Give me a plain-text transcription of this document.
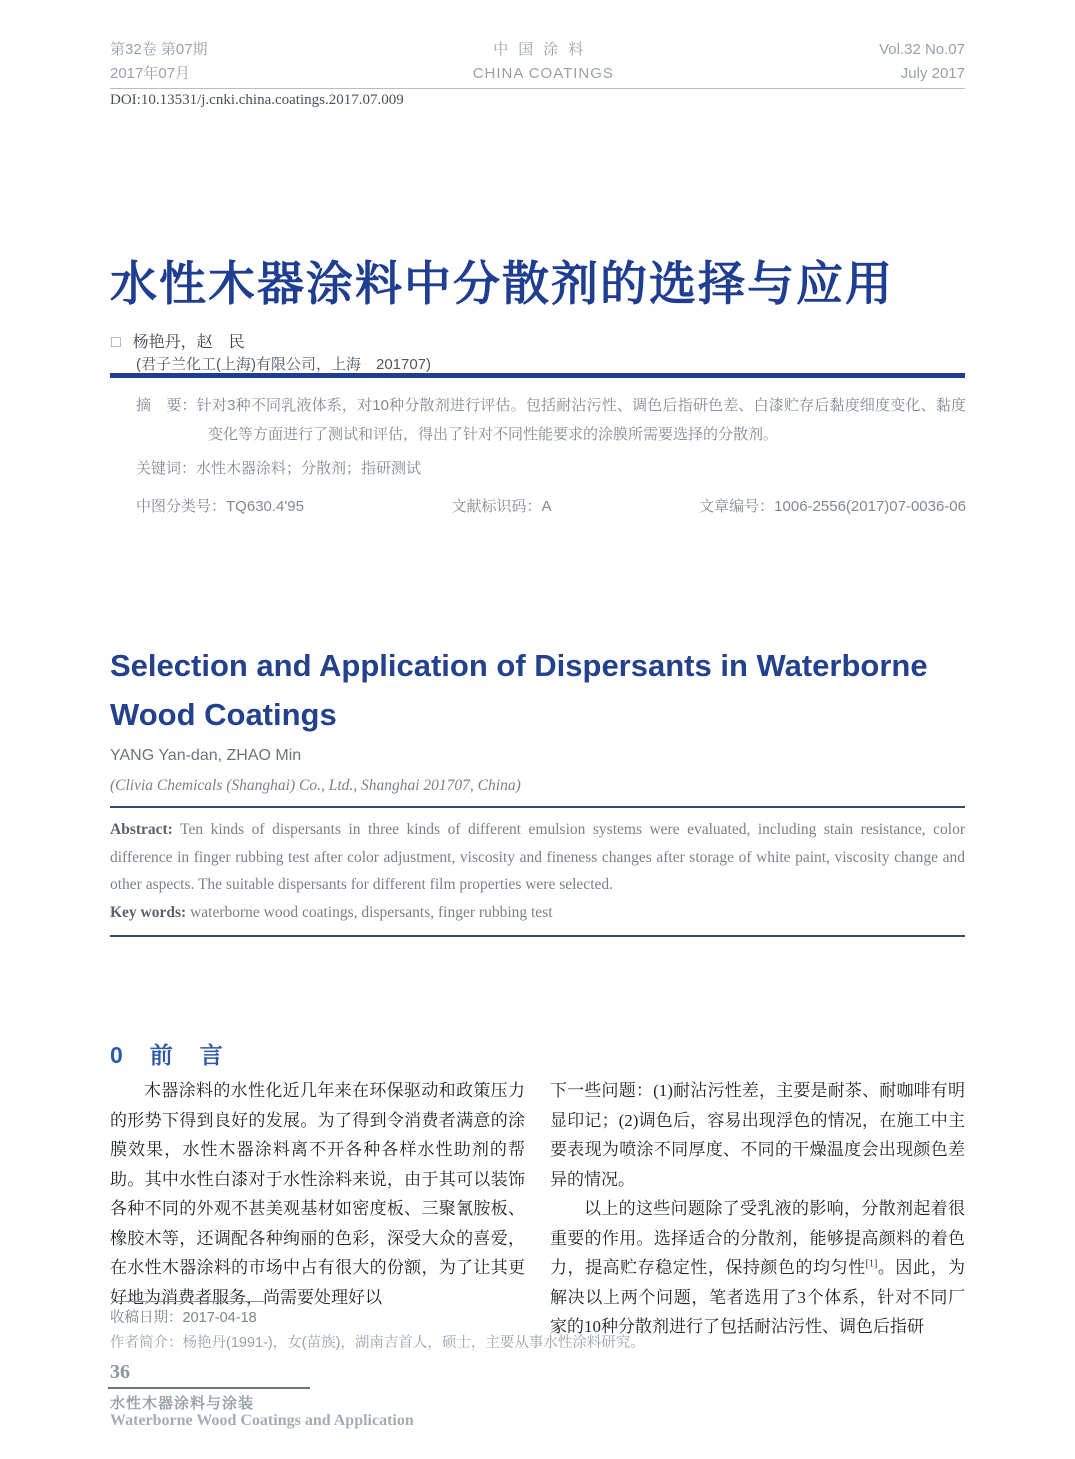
第32卷 第07期
2017年07月
中国涂料
CHINA COATINGS
Vol.32 No.07
July 2017
DOI:10.13531/j.cnki.china.coatings.2017.07.009
水性木器涂料中分散剂的选择与应用
□ 杨艳丹，赵　民
(君子兰化工(上海)有限公司，上海　201707)

摘　要：针对3种不同乳液体系，对10种分散剂进行评估。包括耐沾污性、调色后指研色差、白漆贮存后黏度细度变化、黏度变化等方面进行了测试和评估，得出了针对不同性能要求的涂膜所需要选择的分散剂。

关键词：水性木器涂料；分散剂；指研测试

中图分类号：TQ630.4'95	文献标识码：A	文章编号：1006-2556(2017)07-0036-06
Selection and Application of Dispersants in Waterborne
Wood Coatings
YANG Yan-dan, ZHAO Min
(Clivia Chemicals (Shanghai) Co., Ltd., Shanghai 201707, China)

Abstract: Ten kinds of dispersants in three kinds of different emulsion systems were evaluated, including stain resistance, color difference in finger rubbing test after color adjustment, viscosity and fineness changes after storage of white paint, viscosity change and other aspects. The suitable dispersants for different film properties were selected.

Key words: waterborne wood coatings, dispersants, finger rubbing test

0　前　言

木器涂料的水性化近几年来在环保驱动和政策压力的形势下得到良好的发展。为了得到令消费者满意的涂膜效果，水性木器涂料离不开各种各样水性助剂的帮助。其中水性白漆对于水性涂料来说，由于其可以装饰各种不同的外观不甚美观基材如密度板、三聚氰胺板、橡胶木等，还调配各种绚丽的色彩，深受大众的喜爱，在水性木器涂料的市场中占有很大的份额，为了让其更好地为消费者服务，尚需要处理好以

下一些问题：(1)耐沾污性差，主要是耐茶、耐咖啡有明显印记；(2)调色后，容易出现浮色的情况，在施工中主要表现为喷涂不同厚度、不同的干燥温度会出现颜色差异的情况。

以上的这些问题除了受乳液的影响，分散剂起着很重要的作用。选择适合的分散剂，能够提高颜料的着色力，提高贮存稳定性，保持颜色的均匀性[1]。因此，为解决以上两个问题，笔者选用了3个体系，针对不同厂家的10种分散剂进行了包括耐沾污性、调色后指研

收稿日期：2017-04-18

作者简介：杨艳丹(1991-)，女(苗族)，湖南吉首人，硕士，主要从事水性涂料研究。

36
水性木器涂料与涂装
Waterborne Wood Coatings and Application
